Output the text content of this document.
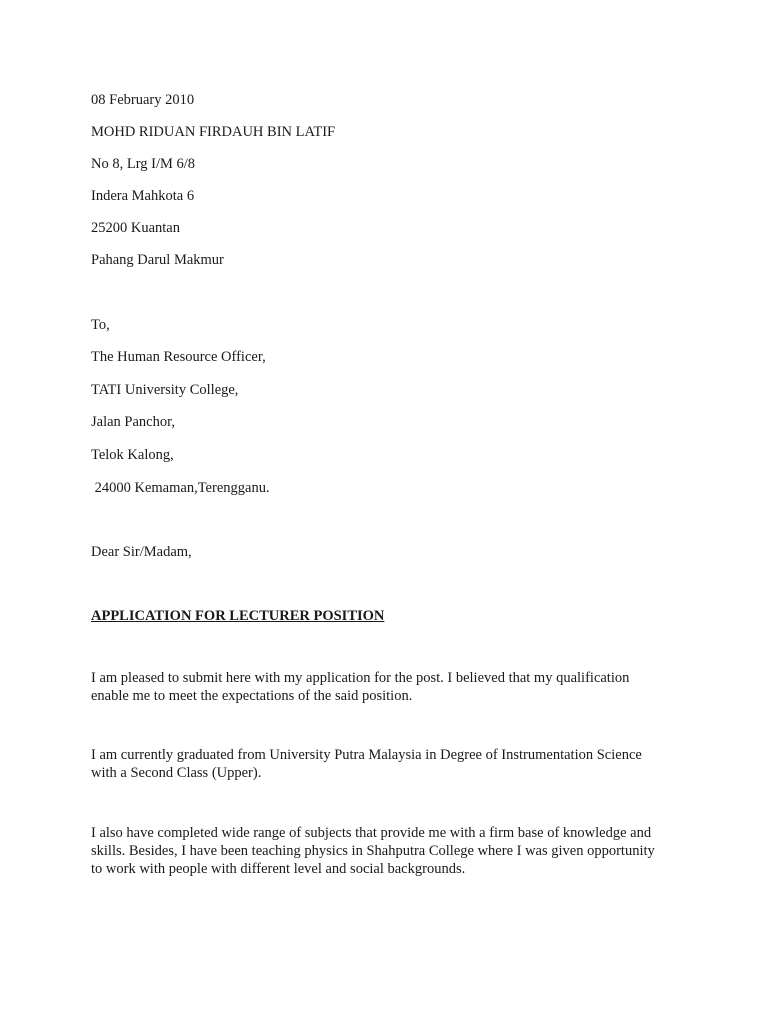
08 February 2010
MOHD RIDUAN FIRDAUH BIN LATIF
No 8, Lrg I/M 6/8
Indera Mahkota 6
25200 Kuantan
Pahang Darul Makmur
To,
The Human Resource Officer,
TATI University College,
Jalan Panchor,
Telok Kalong,
24000 Kemaman,Terengganu.
Dear Sir/Madam,
APPLICATION FOR LECTURER POSITION
I am pleased to submit here with my application for the post. I believed that my qualification
enable me to meet the expectations of the said position.
I am currently graduated from University Putra Malaysia in Degree of Instrumentation Science
with a Second Class (Upper).
I also have completed wide range of subjects that provide me with a firm base of knowledge and
skills. Besides, I have been teaching physics in Shahputra College where I was given opportunity
to work with people with different level and social backgrounds.
